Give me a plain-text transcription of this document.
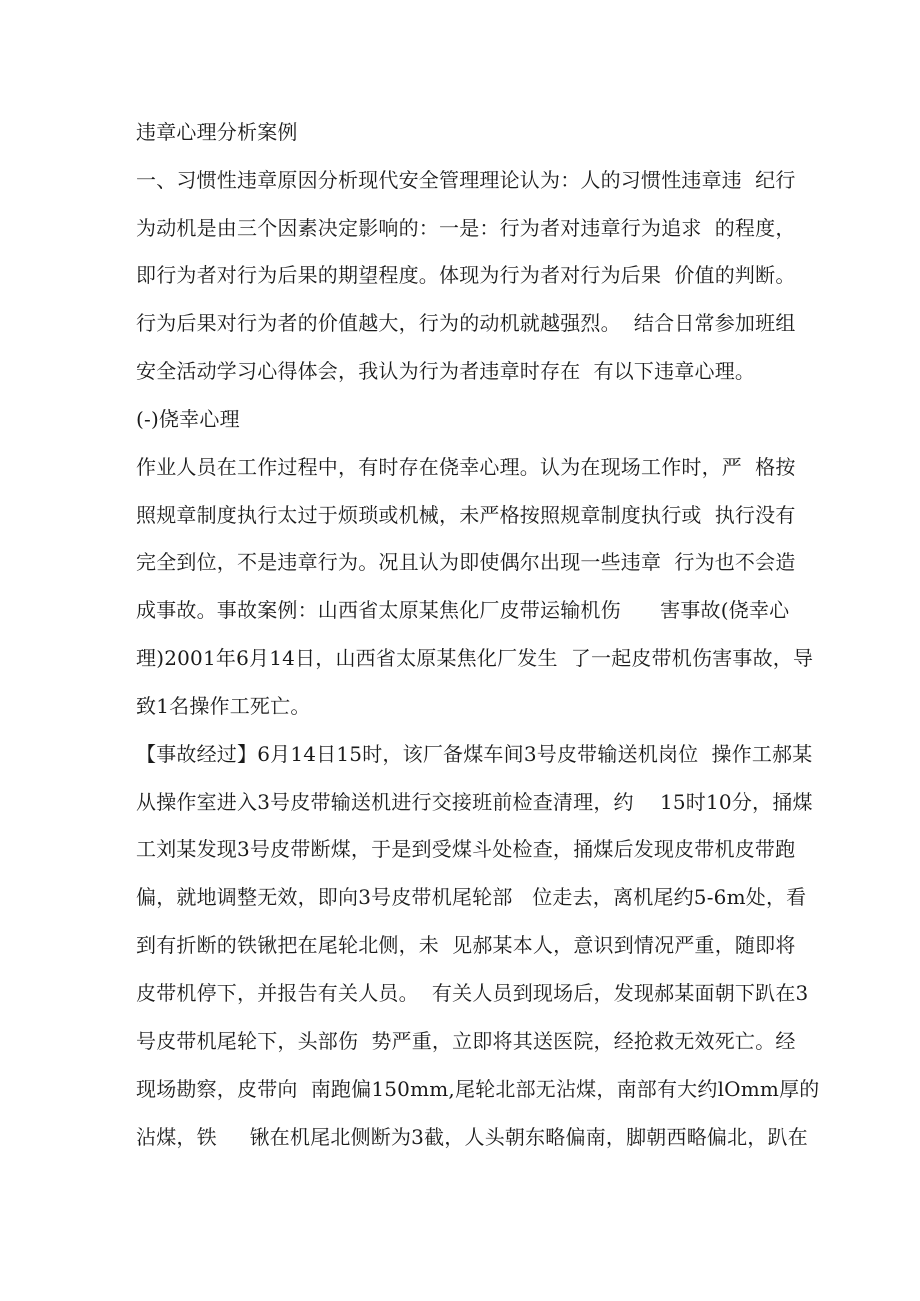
违章心理分析案例
一、习惯性违章原因分析现代安全管理理论认为：人的习惯性违章违  纪行
为动机是由三个因素决定影响的：一是：行为者对违章行为追求  的程度，
即行为者对行为后果的期望程度。体现为行为者对行为后果  价值的判断。
行为后果对行为者的价值越大，行为的动机就越强烈。  结合日常参加班组
安全活动学习心得体会，我认为行为者违章时存在  有以下违章心理。
(-)侥幸心理
作业人员在工作过程中，有时存在侥幸心理。认为在现场工作时，严  格按
照规章制度执行太过于烦琐或机械，未严格按照规章制度执行或  执行没有
完全到位，不是违章行为。况且认为即使偶尔出现一些违章  行为也不会造
成事故。事故案例：山西省太原某焦化厂皮带运输机伤      害事故(侥幸心
理)2001年6月14日，山西省太原某焦化厂发生  了一起皮带机伤害事故，导
致1名操作工死亡。
【事故经过】6月14日15时，该厂备煤车间3号皮带输送机岗位  操作工郝某
从操作室进入3号皮带输送机进行交接班前检查清理，约    15时10分，捅煤
工刘某发现3号皮带断煤，于是到受煤斗处检查，捅煤后发现皮带机皮带跑
偏，就地调整无效，即向3号皮带机尾轮部   位走去，离机尾约5-6m处，看
到有折断的铁锹把在尾轮北侧，未  见郝某本人，意识到情况严重，随即将
皮带机停下，并报告有关人员。  有关人员到现场后，发现郝某面朝下趴在3
号皮带机尾轮下，头部伤  势严重，立即将其送医院，经抢救无效死亡。经
现场勘察，皮带向  南跑偏150mm,尾轮北部无沾煤，南部有大约lOmm厚的
沾煤，铁     锹在机尾北侧断为3截，人头朝东略偏南，脚朝西略偏北，趴在
